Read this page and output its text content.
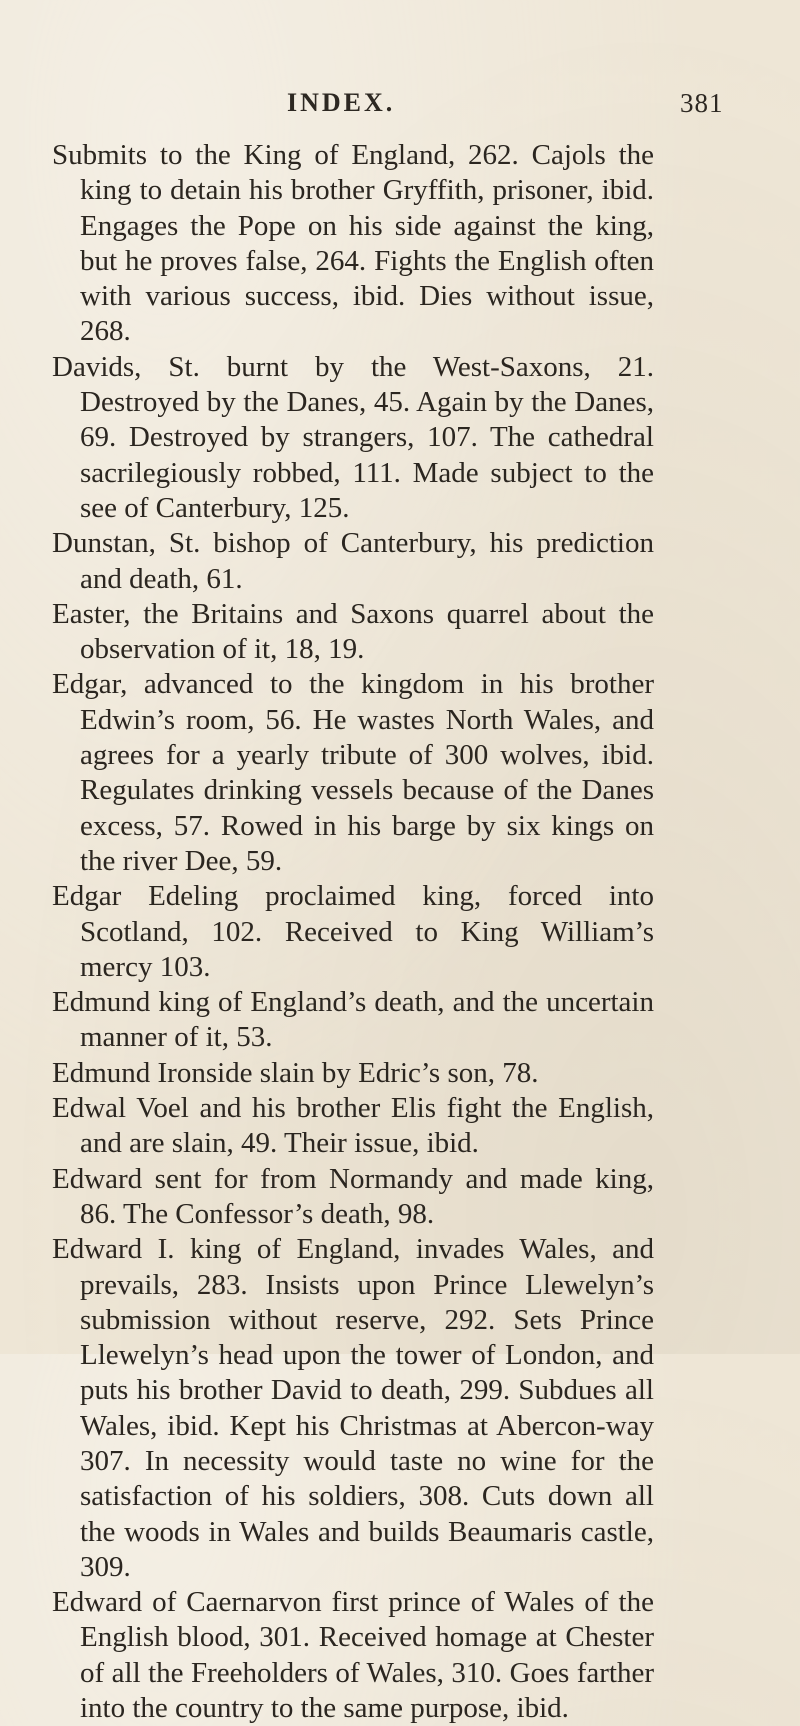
INDEX.	381
Submits to the King of England, 262. Cajols the king to detain his brother Gryffith, prisoner, ibid. Engages the Pope on his side against the king, but he proves false, 264. Fights the English often with various success, ibid. Dies without issue, 268.
Davids, St. burnt by the West-Saxons, 21. Destroyed by the Danes, 45. Again by the Danes, 69. Destroyed by strangers, 107. The cathedral sacrilegiously robbed, 111. Made subject to the see of Canterbury, 125.
Dunstan, St. bishop of Canterbury, his prediction and death, 61.
Easter, the Britains and Saxons quarrel about the observation of it, 18, 19.
Edgar, advanced to the kingdom in his brother Edwin’s room, 56. He wastes North Wales, and agrees for a yearly tribute of 300 wolves, ibid. Regulates drinking vessels because of the Danes excess, 57. Rowed in his barge by six kings on the river Dee, 59.
Edgar Edeling proclaimed king, forced into Scotland, 102. Received to King William’s mercy 103.
Edmund king of England’s death, and the uncertain manner of it, 53.
Edmund Ironside slain by Edric’s son, 78.
Edwal Voel and his brother Elis fight the English, and are slain, 49. Their issue, ibid.
Edward sent for from Normandy and made king, 86. The Confessor’s death, 98.
Edward I. king of England, invades Wales, and prevails, 283. Insists upon Prince Llewelyn’s submission without reserve, 292. Sets Prince Llewelyn’s head upon the tower of London, and puts his brother David to death, 299. Subdues all Wales, ibid. Kept his Christmas at Abercon-way 307. In necessity would taste no wine for the satisfaction of his soldiers, 308. Cuts down all the woods in Wales and builds Beaumaris castle, 309.
Edward of Caernarvon first prince of Wales of the English blood, 301. Received homage at Chester of all the Freeholders of Wales, 310. Goes farther into the country to the same purpose, ibid.
